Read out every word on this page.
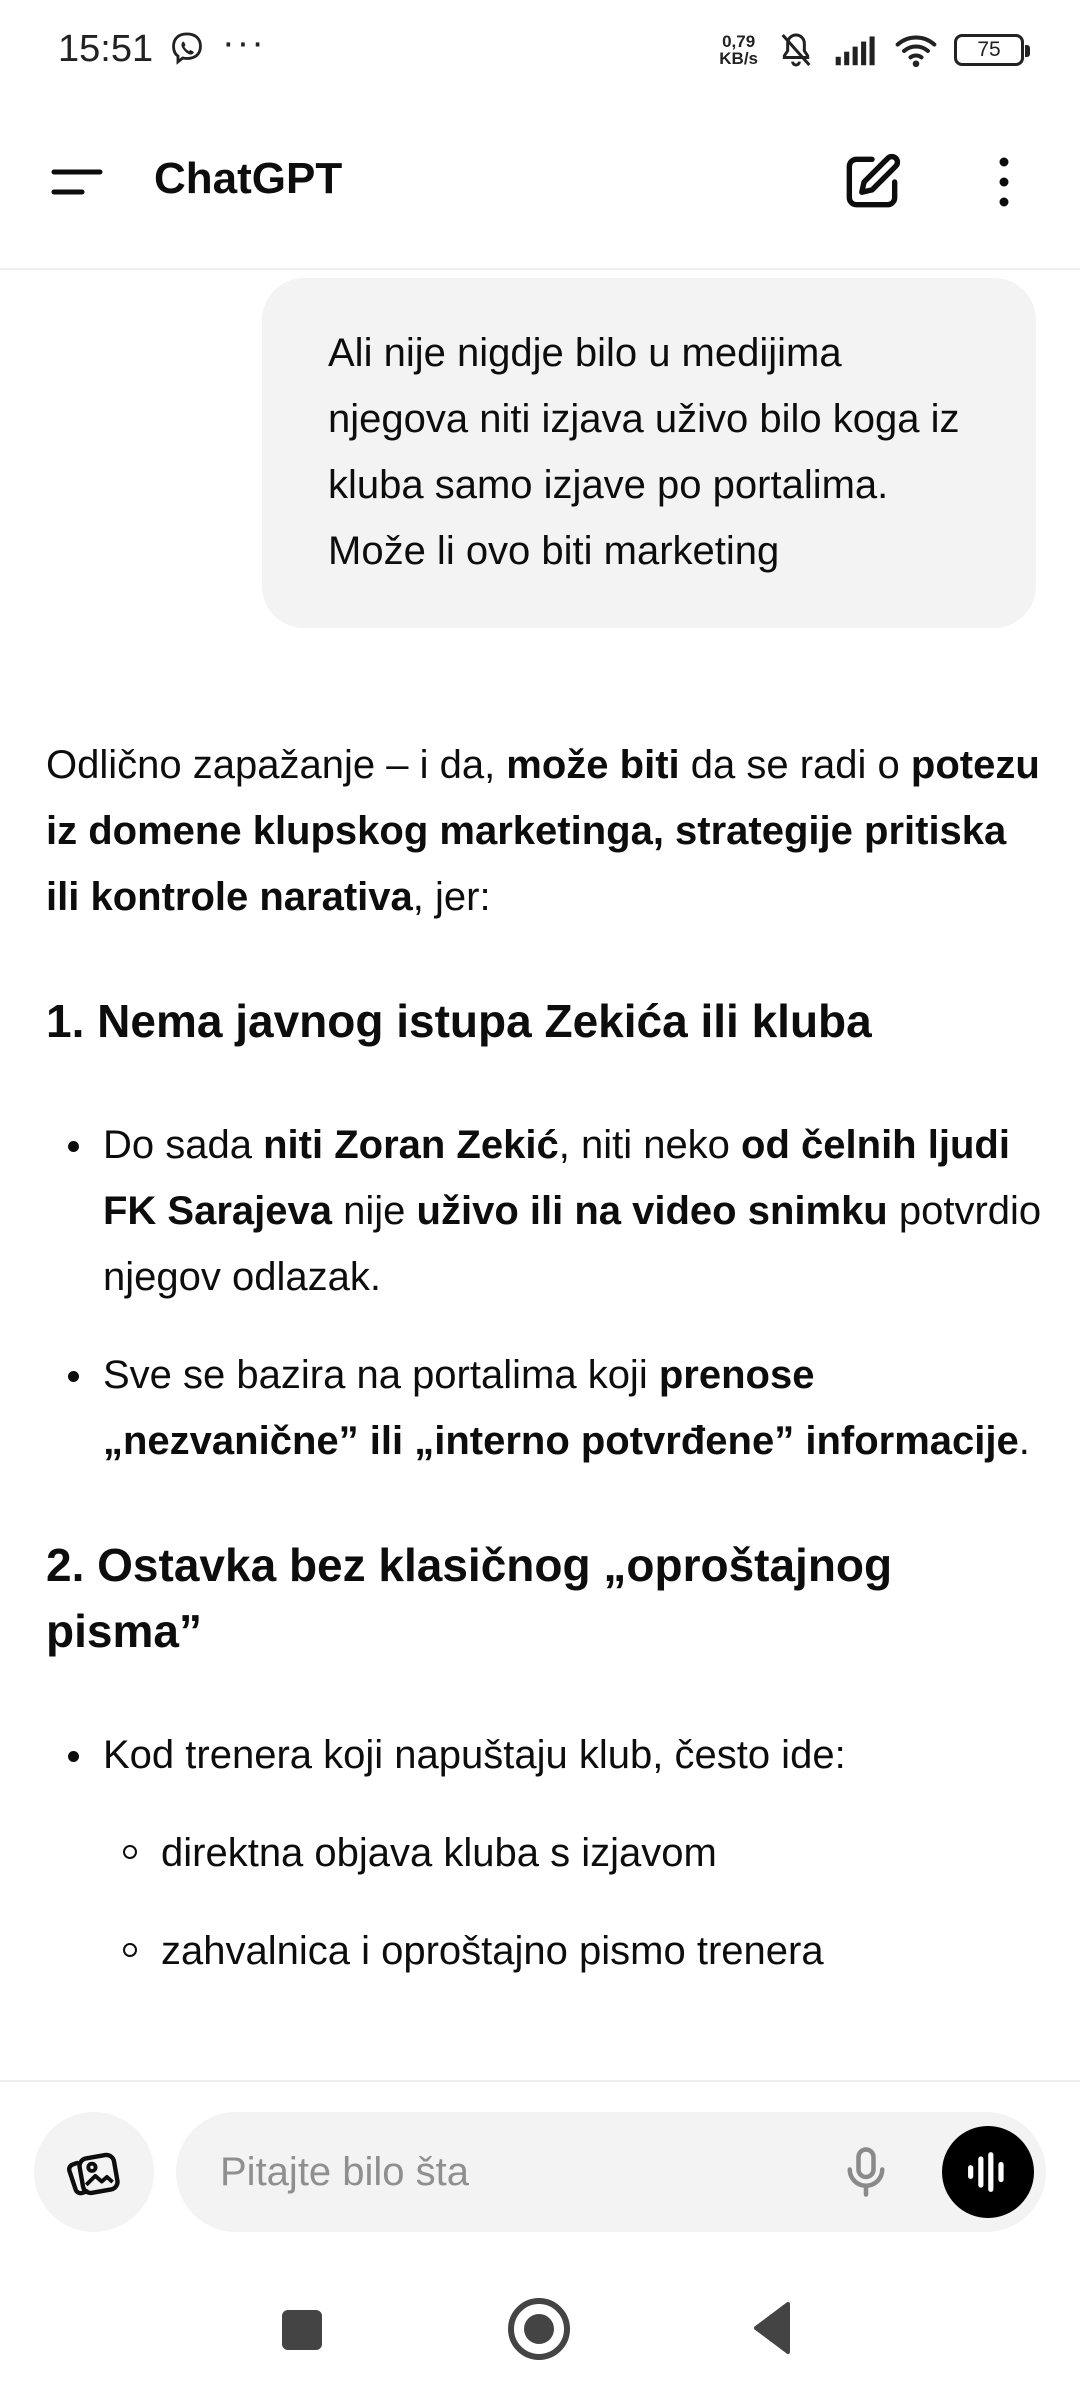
15:51 ···	0,79
KB/s	75
ChatGPT
Ali nije nigdje bilo u medijima njegova niti izjava uživo bilo koga iz kluba samo izjave po portalima. Može li ovo biti marketing

Odlično zapažanje – i da, može biti da se radi o potezu iz domene klupskog marketinga, strategije pritiska ili kontrole narativa, jer:

1. Nema javnog istupa Zekića ili kluba
Do sada niti Zoran Zekić, niti neko od čelnih ljudi FK Sarajeva nije uživo ili na video snimku potvrdio njegov odlazak.
Sve se bazira na portalima koji prenose „nezvanične” ili „interno potvrđene” informacije.
2. Ostavka bez klasičnog „oproštajnog pisma”
Kod trenera koji napuštaju klub, često ide:
direktna objava kluba s izjavom
zahvalnica i oproštajno pismo trenera
Pitajte bilo šta
